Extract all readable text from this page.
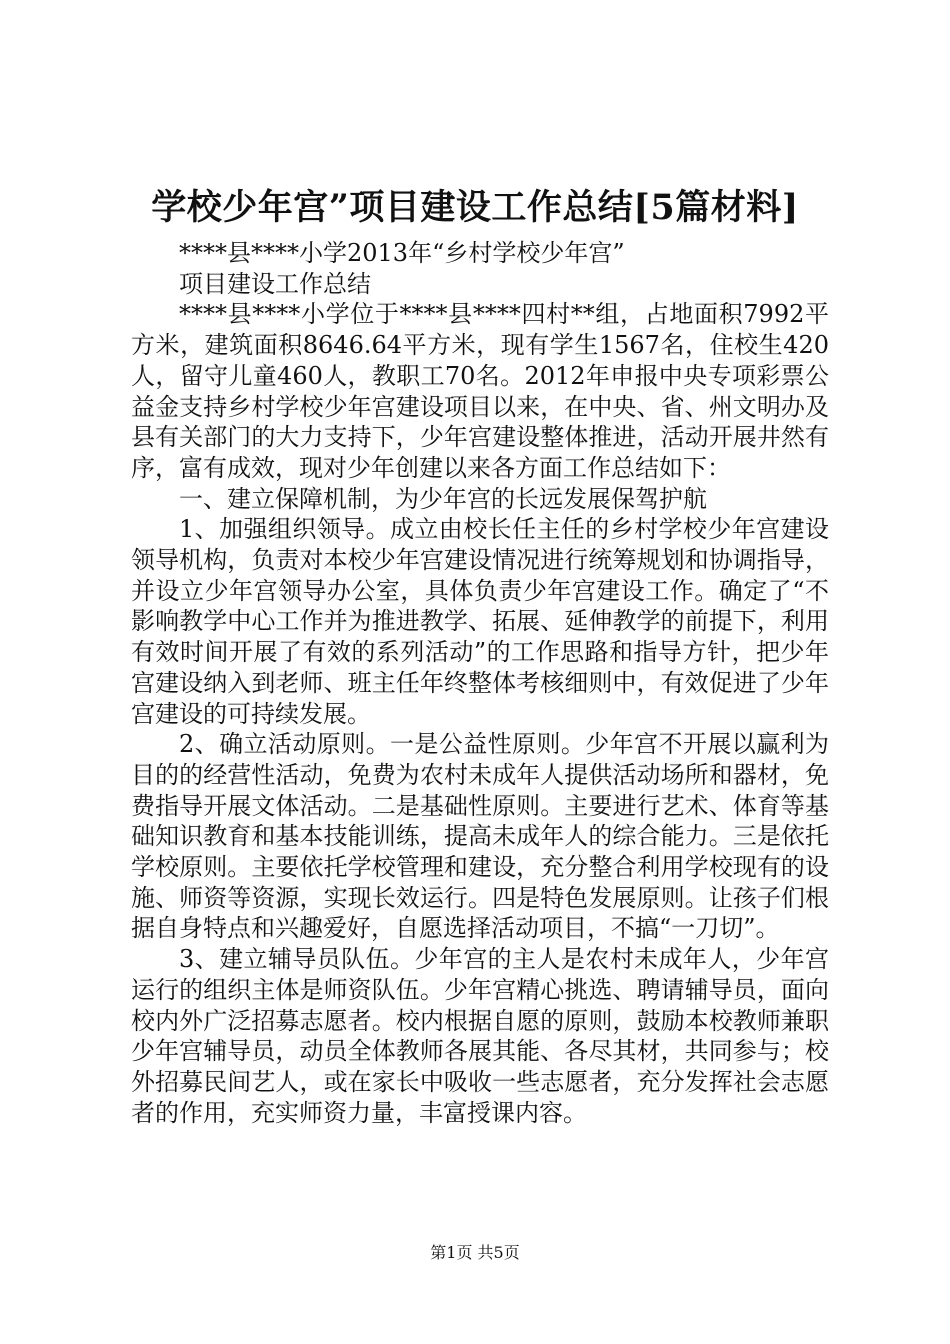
学校少年宫”项目建设工作总结[5篇材料]

****县****小学2013年“乡村学校少年宫”

项目建设工作总结

****县****小学位于****县****四村**组，占地面积7992平方米，建筑面积8646.64平方米，现有学生1567名，住校生420人，留守儿童460人，教职工70名。2012年申报中央专项彩票公益金支持乡村学校少年宫建设项目以来，在中央、省、州文明办及县有关部门的大力支持下，少年宫建设整体推进，活动开展井然有序，富有成效，现对少年创建以来各方面工作总结如下：

一、建立保障机制，为少年宫的长远发展保驾护航

1、加强组织领导。成立由校长任主任的乡村学校少年宫建设领导机构，负责对本校少年宫建设情况进行统筹规划和协调指导，并设立少年宫领导办公室，具体负责少年宫建设工作。确定了“不影响教学中心工作并为推进教学、拓展、延伸教学的前提下，利用有效时间开展了有效的系列活动”的工作思路和指导方针，把少年宫建设纳入到老师、班主任年终整体考核细则中，有效促进了少年宫建设的可持续发展。

2、确立活动原则。一是公益性原则。少年宫不开展以赢利为目的的经营性活动，免费为农村未成年人提供活动场所和器材，免费指导开展文体活动。二是基础性原则。主要进行艺术、体育等基础知识教育和基本技能训练，提高未成年人的综合能力。三是依托学校原则。主要依托学校管理和建设，充分整合利用学校现有的设施、师资等资源，实现长效运行。四是特色发展原则。让孩子们根据自身特点和兴趣爱好，自愿选择活动项目，不搞“一刀切”。

3、建立辅导员队伍。少年宫的主人是农村未成年人，少年宫运行的组织主体是师资队伍。少年宫精心挑选、聘请辅导员，面向校内外广泛招募志愿者。校内根据自愿的原则，鼓励本校教师兼职少年宫辅导员，动员全体教师各展其能、各尽其材，共同参与；校外招募民间艺人，或在家长中吸收一些志愿者，充分发挥社会志愿者的作用，充实师资力量，丰富授课内容。

第1页 共5页
